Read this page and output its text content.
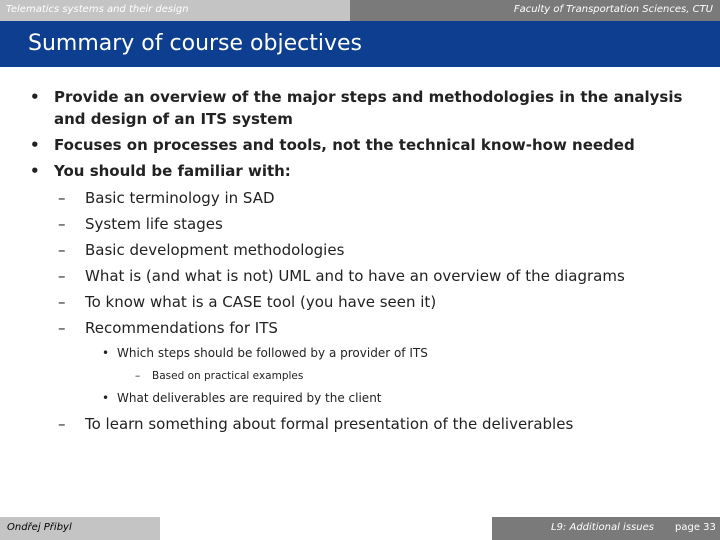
Telematics systems and their design	Faculty of Transportation Sciences, CTU
Summary of course objectives
• Provide an overview of the major steps and methodologies in the analysis
and design of an ITS system
• Focuses on processes and tools, not the technical know-how needed
• You should be familiar with:
– Basic terminology in SAD
– System life stages
– Basic development methodologies
– What is (and what is not) UML and to have an overview of the diagrams
– To know what is a CASE tool (you have seen it)
– Recommendations for ITS
• Which steps should be followed by a provider of ITS
– Based on practical examples
• What deliverables are required by the client
– To learn something about formal presentation of the deliverables
Ondřej Přibyl	L9: Additional issues page 33
